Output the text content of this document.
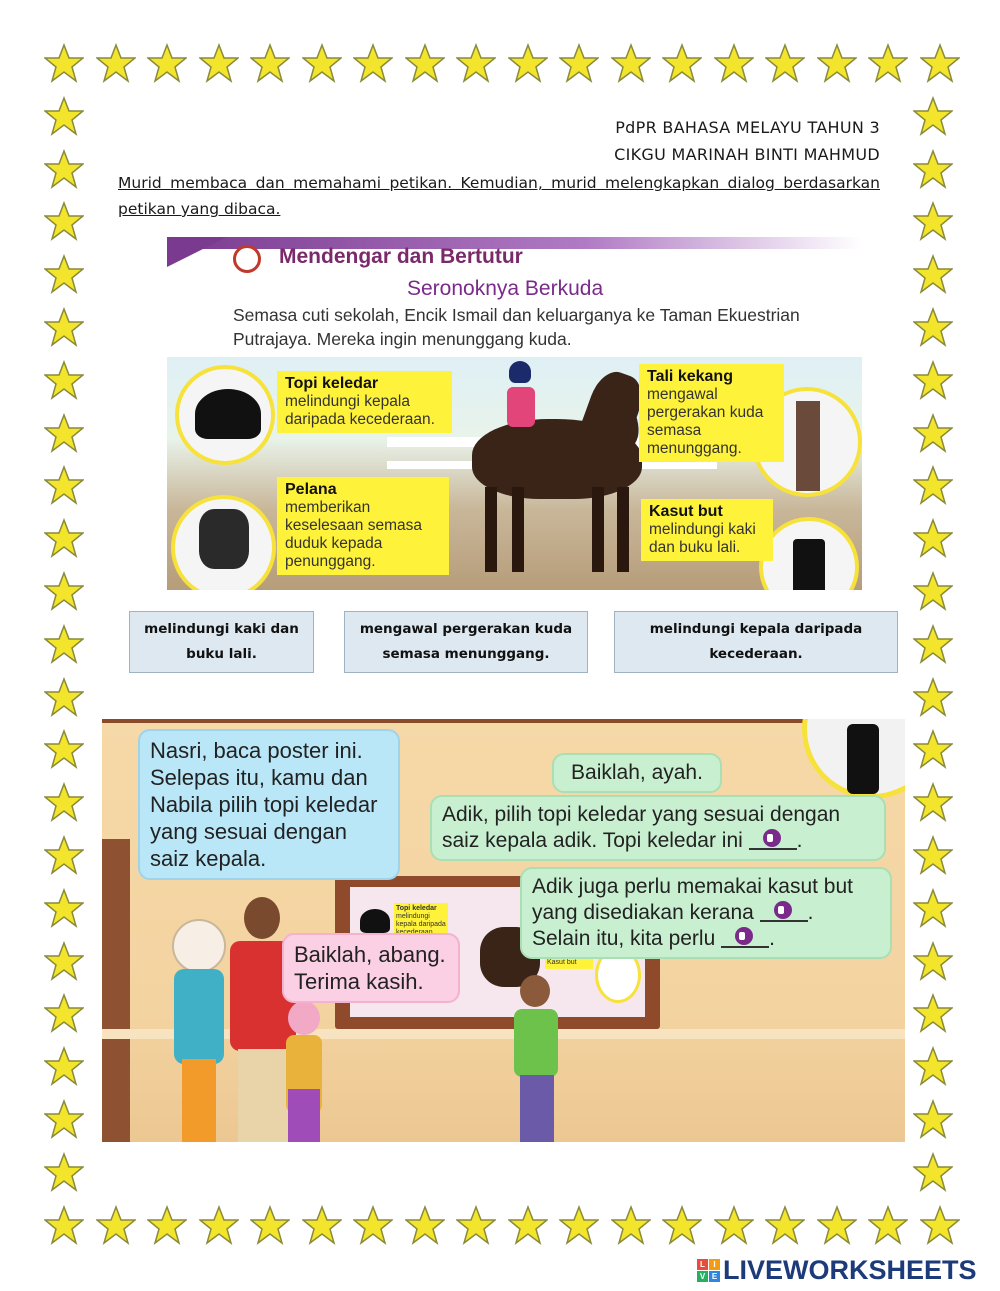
PdPR BAHASA MELAYU TAHUN 3
CIKGU MARINAH BINTI MAHMUD
Murid membaca dan memahami petikan. Kemudian, murid melengkapkan dialog berdasarkan petikan yang dibaca.
Mendengar dan Bertutur
Seronoknya Berkuda
Semasa cuti sekolah, Encik Ismail dan keluarganya ke Taman Ekuestrian Putrajaya. Mereka ingin menunggang kuda.
Topi keledar
melindungi kepala daripada kecederaan.
Tali kekang
mengawal pergerakan kuda semasa menunggang.
Pelana
memberikan keselesaan semasa duduk kepada penunggang.
Kasut but
melindungi kaki dan buku lali.
melindungi kaki dan buku lali.
mengawal pergerakan kuda semasa menunggang.
melindungi kepala daripada kecederaan.
Topi keledar
melindungi kepala daripada
Kasut but
Nasri, baca poster ini. Selepas itu, kamu dan Nabila pilih topi keledar yang sesuai dengan saiz kepala.
Baiklah, ayah.
Adik, pilih topi keledar yang sesuai dengan saiz kepala adik. Topi keledar ini	.
Adik juga perlu memakai kasut but yang disediakan kerana	.
Selain itu, kita perlu	.
Baiklah, abang. Terima kasih.
L	I
V E LIVEWORKSHEETS
